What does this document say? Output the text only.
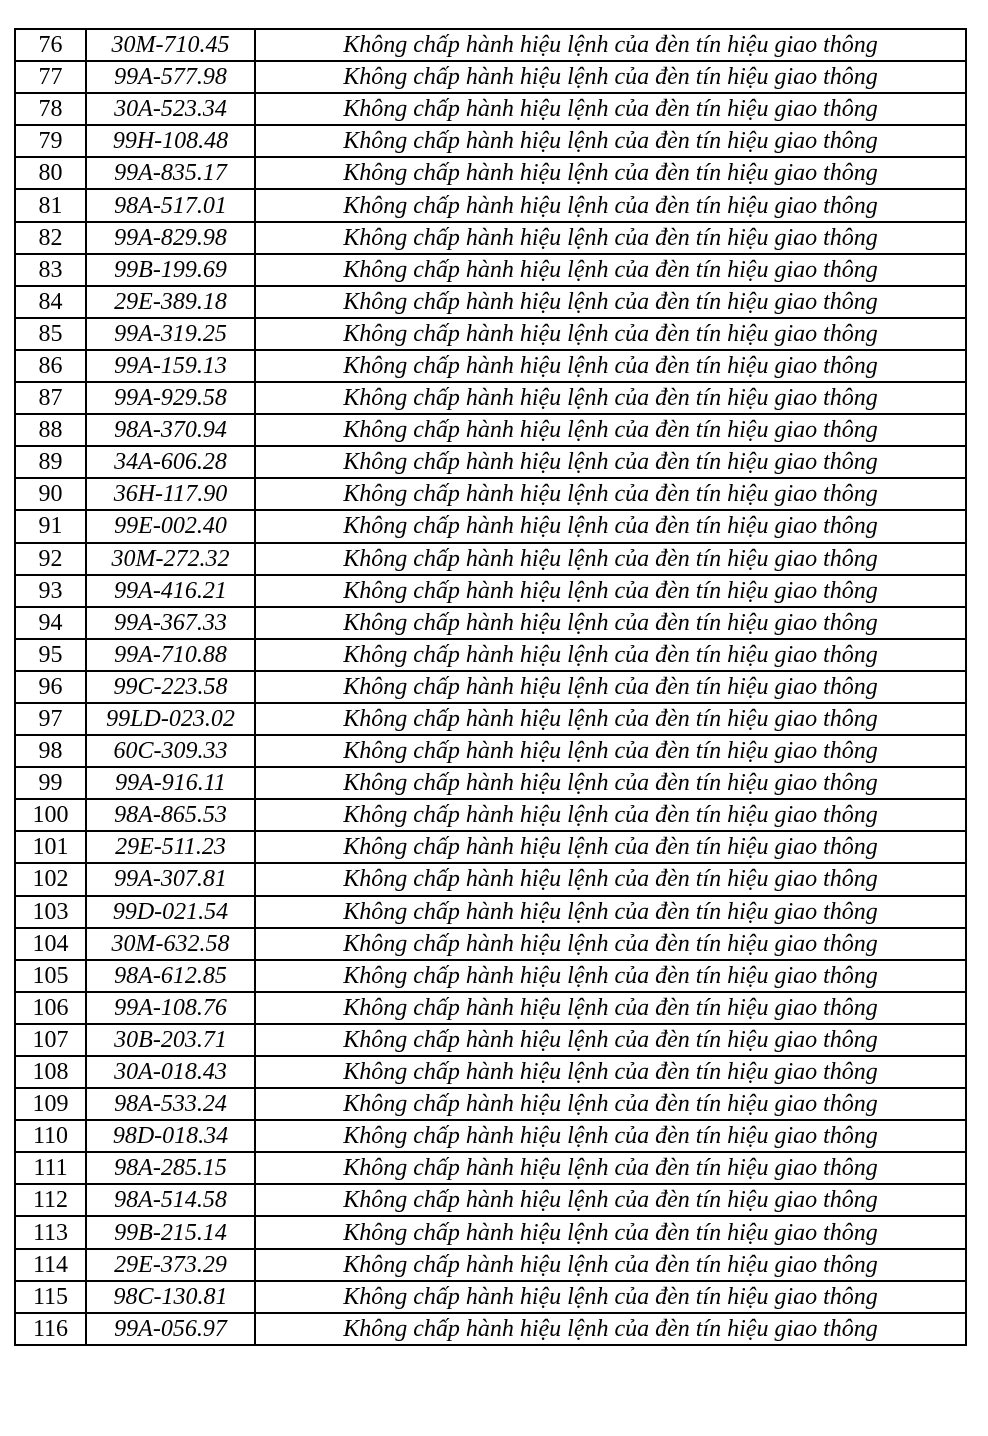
76	30M-710.45	Không chấp hành hiệu lệnh của đèn tín hiệu giao thông
77	99A-577.98	Không chấp hành hiệu lệnh của đèn tín hiệu giao thông
78	30A-523.34	Không chấp hành hiệu lệnh của đèn tín hiệu giao thông
79	99H-108.48	Không chấp hành hiệu lệnh của đèn tín hiệu giao thông
80	99A-835.17	Không chấp hành hiệu lệnh của đèn tín hiệu giao thông
81	98A-517.01	Không chấp hành hiệu lệnh của đèn tín hiệu giao thông
82	99A-829.98	Không chấp hành hiệu lệnh của đèn tín hiệu giao thông
83	99B-199.69	Không chấp hành hiệu lệnh của đèn tín hiệu giao thông
84	29E-389.18	Không chấp hành hiệu lệnh của đèn tín hiệu giao thông
85	99A-319.25	Không chấp hành hiệu lệnh của đèn tín hiệu giao thông
86	99A-159.13	Không chấp hành hiệu lệnh của đèn tín hiệu giao thông
87	99A-929.58	Không chấp hành hiệu lệnh của đèn tín hiệu giao thông
88	98A-370.94	Không chấp hành hiệu lệnh của đèn tín hiệu giao thông
89	34A-606.28	Không chấp hành hiệu lệnh của đèn tín hiệu giao thông
90	36H-117.90	Không chấp hành hiệu lệnh của đèn tín hiệu giao thông
91	99E-002.40	Không chấp hành hiệu lệnh của đèn tín hiệu giao thông
92	30M-272.32	Không chấp hành hiệu lệnh của đèn tín hiệu giao thông
93	99A-416.21	Không chấp hành hiệu lệnh của đèn tín hiệu giao thông
94	99A-367.33	Không chấp hành hiệu lệnh của đèn tín hiệu giao thông
95	99A-710.88	Không chấp hành hiệu lệnh của đèn tín hiệu giao thông
96	99C-223.58	Không chấp hành hiệu lệnh của đèn tín hiệu giao thông
97	99LD-023.02	Không chấp hành hiệu lệnh của đèn tín hiệu giao thông
98	60C-309.33	Không chấp hành hiệu lệnh của đèn tín hiệu giao thông
99	99A-916.11	Không chấp hành hiệu lệnh của đèn tín hiệu giao thông
100	98A-865.53	Không chấp hành hiệu lệnh của đèn tín hiệu giao thông
101	29E-511.23	Không chấp hành hiệu lệnh của đèn tín hiệu giao thông
102	99A-307.81	Không chấp hành hiệu lệnh của đèn tín hiệu giao thông
103	99D-021.54	Không chấp hành hiệu lệnh của đèn tín hiệu giao thông
104	30M-632.58	Không chấp hành hiệu lệnh của đèn tín hiệu giao thông
105	98A-612.85	Không chấp hành hiệu lệnh của đèn tín hiệu giao thông
106	99A-108.76	Không chấp hành hiệu lệnh của đèn tín hiệu giao thông
107	30B-203.71	Không chấp hành hiệu lệnh của đèn tín hiệu giao thông
108	30A-018.43	Không chấp hành hiệu lệnh của đèn tín hiệu giao thông
109	98A-533.24	Không chấp hành hiệu lệnh của đèn tín hiệu giao thông
110	98D-018.34	Không chấp hành hiệu lệnh của đèn tín hiệu giao thông
111	98A-285.15	Không chấp hành hiệu lệnh của đèn tín hiệu giao thông
112	98A-514.58	Không chấp hành hiệu lệnh của đèn tín hiệu giao thông
113	99B-215.14	Không chấp hành hiệu lệnh của đèn tín hiệu giao thông
114	29E-373.29	Không chấp hành hiệu lệnh của đèn tín hiệu giao thông
115	98C-130.81	Không chấp hành hiệu lệnh của đèn tín hiệu giao thông
116	99A-056.97	Không chấp hành hiệu lệnh của đèn tín hiệu giao thông
